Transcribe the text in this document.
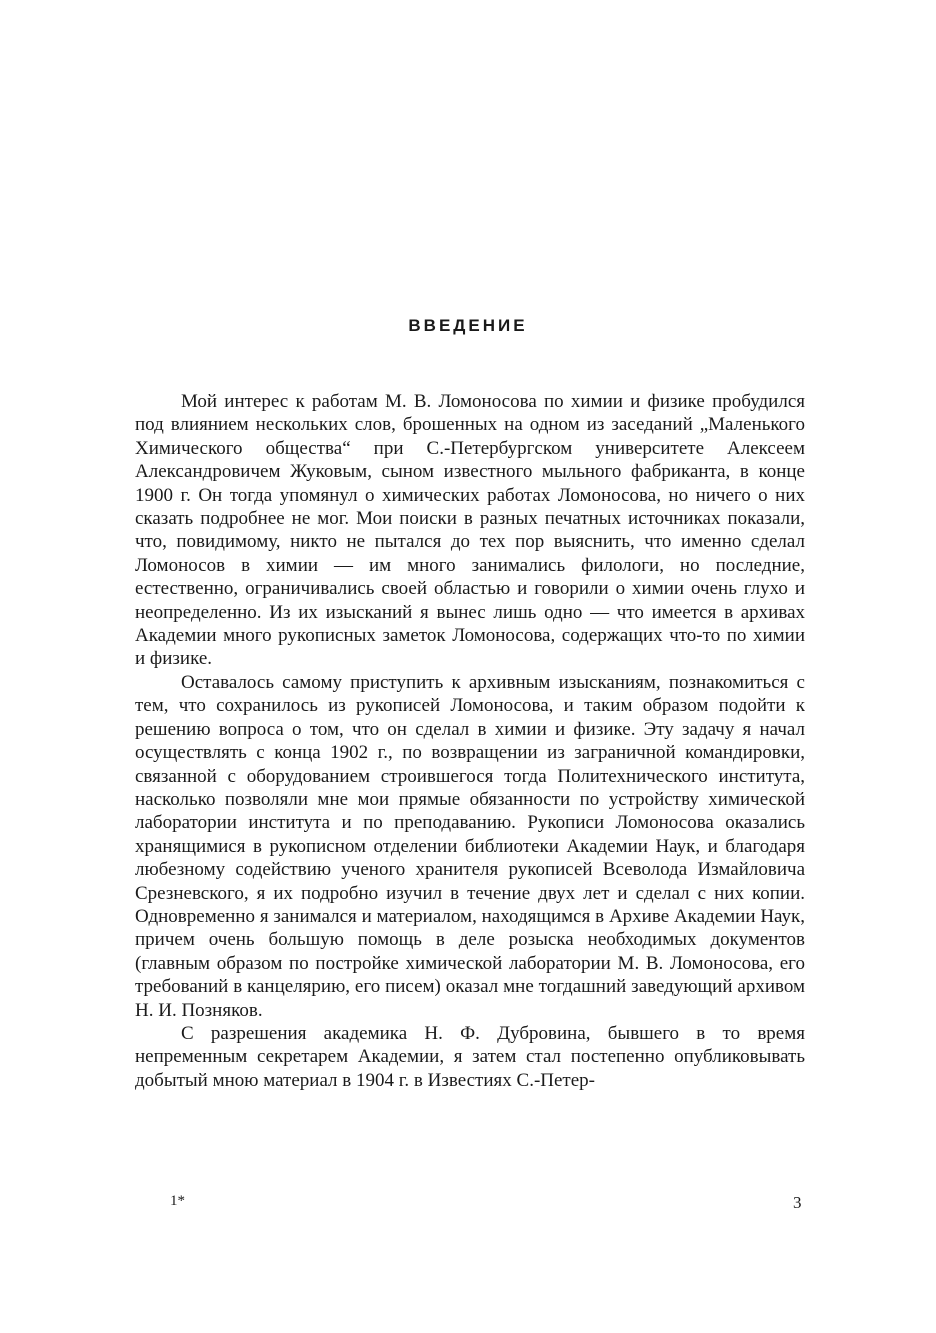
ВВЕДЕНИЕ

Мой интерес к работам М. В. Ломоносова по химии и физике пробудился под влиянием нескольких слов, брошенных на одном из заседаний „Маленького Химического общества“ при С.-Петербургском университете Алексеем Александровичем Жуковым, сыном известного мыльного фабриканта, в конце 1900 г. Он тогда упомянул о химических работах Ломоносова, но ничего о них сказать подробнее не мог. Мои поиски в разных печатных источниках показали, что, повидимому, никто не пытался до тех пор выяснить, что именно сделал Ломоносов в химии — им много занимались филологи, но последние, естественно, ограничивались своей областью и говорили о химии очень глухо и неопределенно. Из их изысканий я вынес лишь одно — что имеется в архивах Академии много рукописных заметок Ломоносова, содержащих что-то по химии и физике.

Оставалось самому приступить к архивным изысканиям, познакомиться с тем, что сохранилось из рукописей Ломоносова, и таким образом подойти к решению вопроса о том, что он сделал в химии и физике. Эту задачу я начал осуществлять с конца 1902 г., по возвращении из заграничной командировки, связанной с оборудованием строившегося тогда Политехнического института, насколько позволяли мне мои прямые обязанности по устройству химической лаборатории института и по преподаванию. Рукописи Ломоносова оказались хранящимися в рукописном отделении библиотеки Академии Наук, и благодаря любезному содействию ученого хранителя рукописей Всеволода Измайловича Срезневского, я их подробно изучил в течение двух лет и сделал с них копии. Одновременно я занимался и материалом, находящимся в Архиве Академии Наук, причем очень большую помощь в деле розыска необходимых документов (главным образом по постройке химической лаборатории М. В. Ломоносова, его требований в канцелярию, его писем) оказал мне тогдашний заведующий архивом Н. И. Позняков.

С разрешения академика Н. Ф. Дубровина, бывшего в то время непременным секретарем Академии, я затем стал постепенно опубликовывать добытый мною материал в 1904 г. в Известиях С.-Петер-

1*	3
